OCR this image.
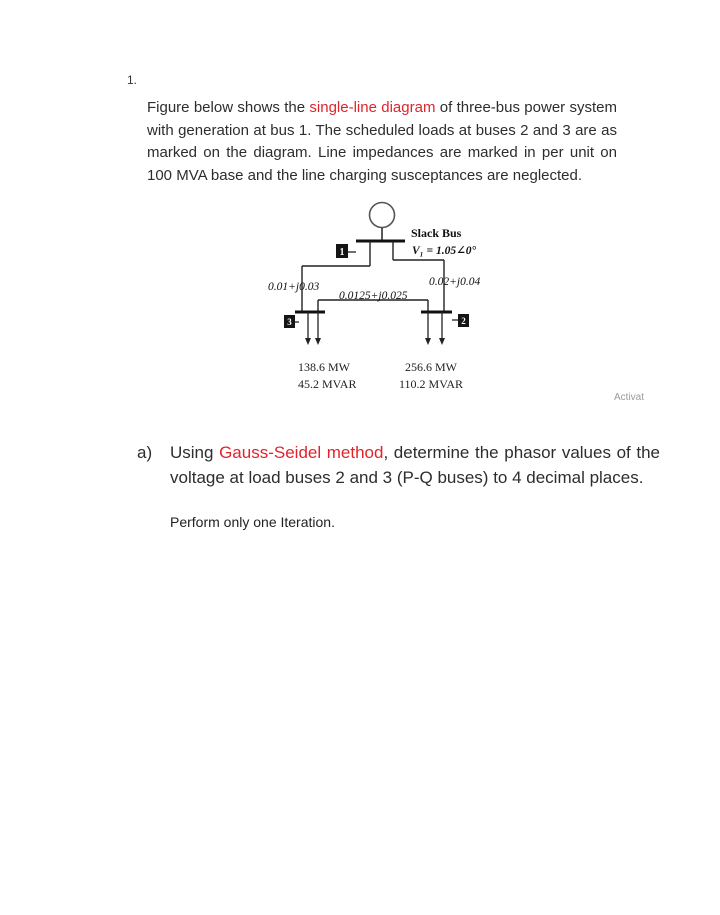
1.
Figure below shows the single-line diagram of three-bus power system with generation at bus 1. The scheduled loads at buses 2 and 3 are as marked on the diagram. Line impedances are marked in per unit on 100 MVA base and the line charging susceptances are neglected.
1
3	2
Slack Bus
V₁ = 1.05∠0°
0.01+j0.03	0.02+j0.04
0.0125+j0.025
138.6 MW
45.2 MVAR
256.6 MW
110.2 MVAR
Activat
a) Using Gauss-Seidel method, determine the phasor values of the voltage at load buses 2 and 3 (P-Q buses) to 4 decimal places.
Perform only one Iteration.
